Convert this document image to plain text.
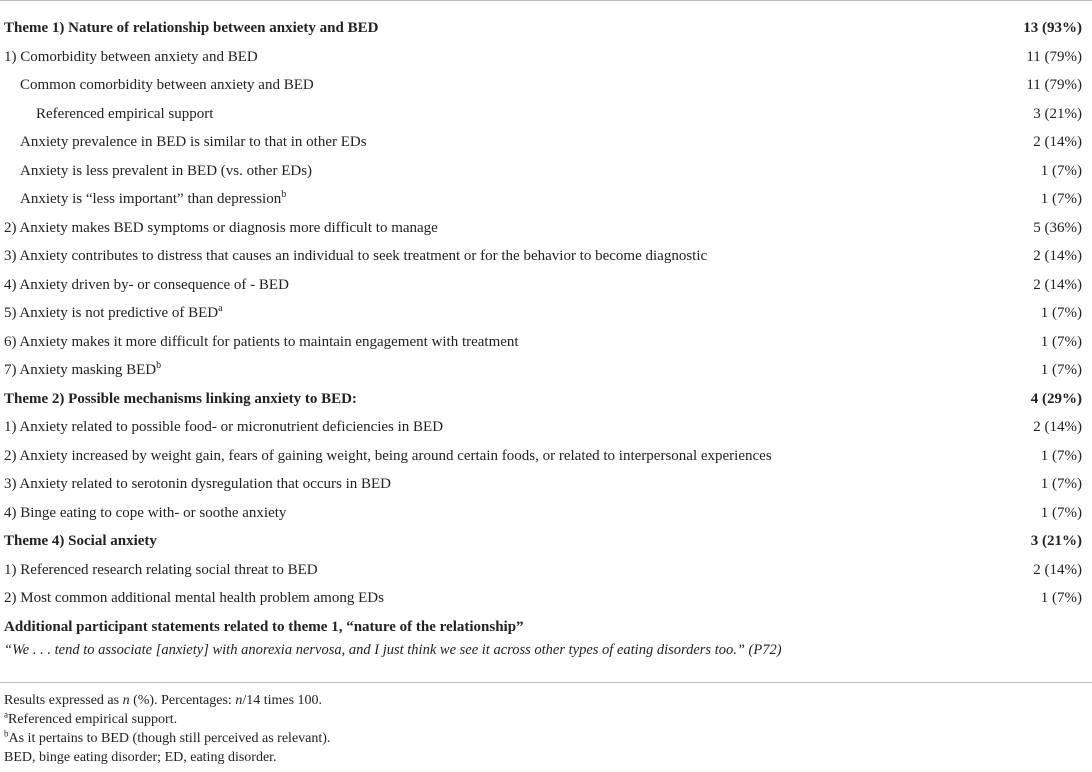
Theme 1) Nature of relationship between anxiety and BED	13 (93%)
1) Comorbidity between anxiety and BED	11 (79%)
Common comorbidity between anxiety and BED	11 (79%)
Referenced empirical support	3 (21%)
Anxiety prevalence in BED is similar to that in other EDs	2 (14%)
Anxiety is less prevalent in BED (vs. other EDs)	1 (7%)
Anxiety is “less important” than depression$^b$	1 (7%)
2) Anxiety makes BED symptoms or diagnosis more difficult to manage	5 (36%)
3) Anxiety contributes to distress that causes an individual to seek treatment or for the behavior to become diagnostic	2 (14%)
4) Anxiety driven by- or consequence of - BED	2 (14%)
5) Anxiety is not predictive of BED$^a$	1 (7%)
6) Anxiety makes it more difficult for patients to maintain engagement with treatment	1 (7%)
7) Anxiety masking BED$^b$	1 (7%)
Theme 2) Possible mechanisms linking anxiety to BED:	4 (29%)
1) Anxiety related to possible food- or micronutrient deficiencies in BED	2 (14%)
2) Anxiety increased by weight gain, fears of gaining weight, being around certain foods, or related to interpersonal experiences	1 (7%)
3) Anxiety related to serotonin dysregulation that occurs in BED	1 (7%)
4) Binge eating to cope with- or soothe anxiety	1 (7%)
Theme 4) Social anxiety	3 (21%)
1) Referenced research relating social threat to BED	2 (14%)
2) Most common additional mental health problem among EDs	1 (7%)
Additional participant statements related to theme 1, “nature of the relationship”
“We . . . tend to associate [anxiety] with anorexia nervosa, and I just think we see it across other types of eating disorders too.” (P72)
Results expressed as n (%). Percentages: n/14 times 100.
$^a$Referenced empirical support.
$^b$As it pertains to BED (though still perceived as relevant).
BED, binge eating disorder; ED, eating disorder.
